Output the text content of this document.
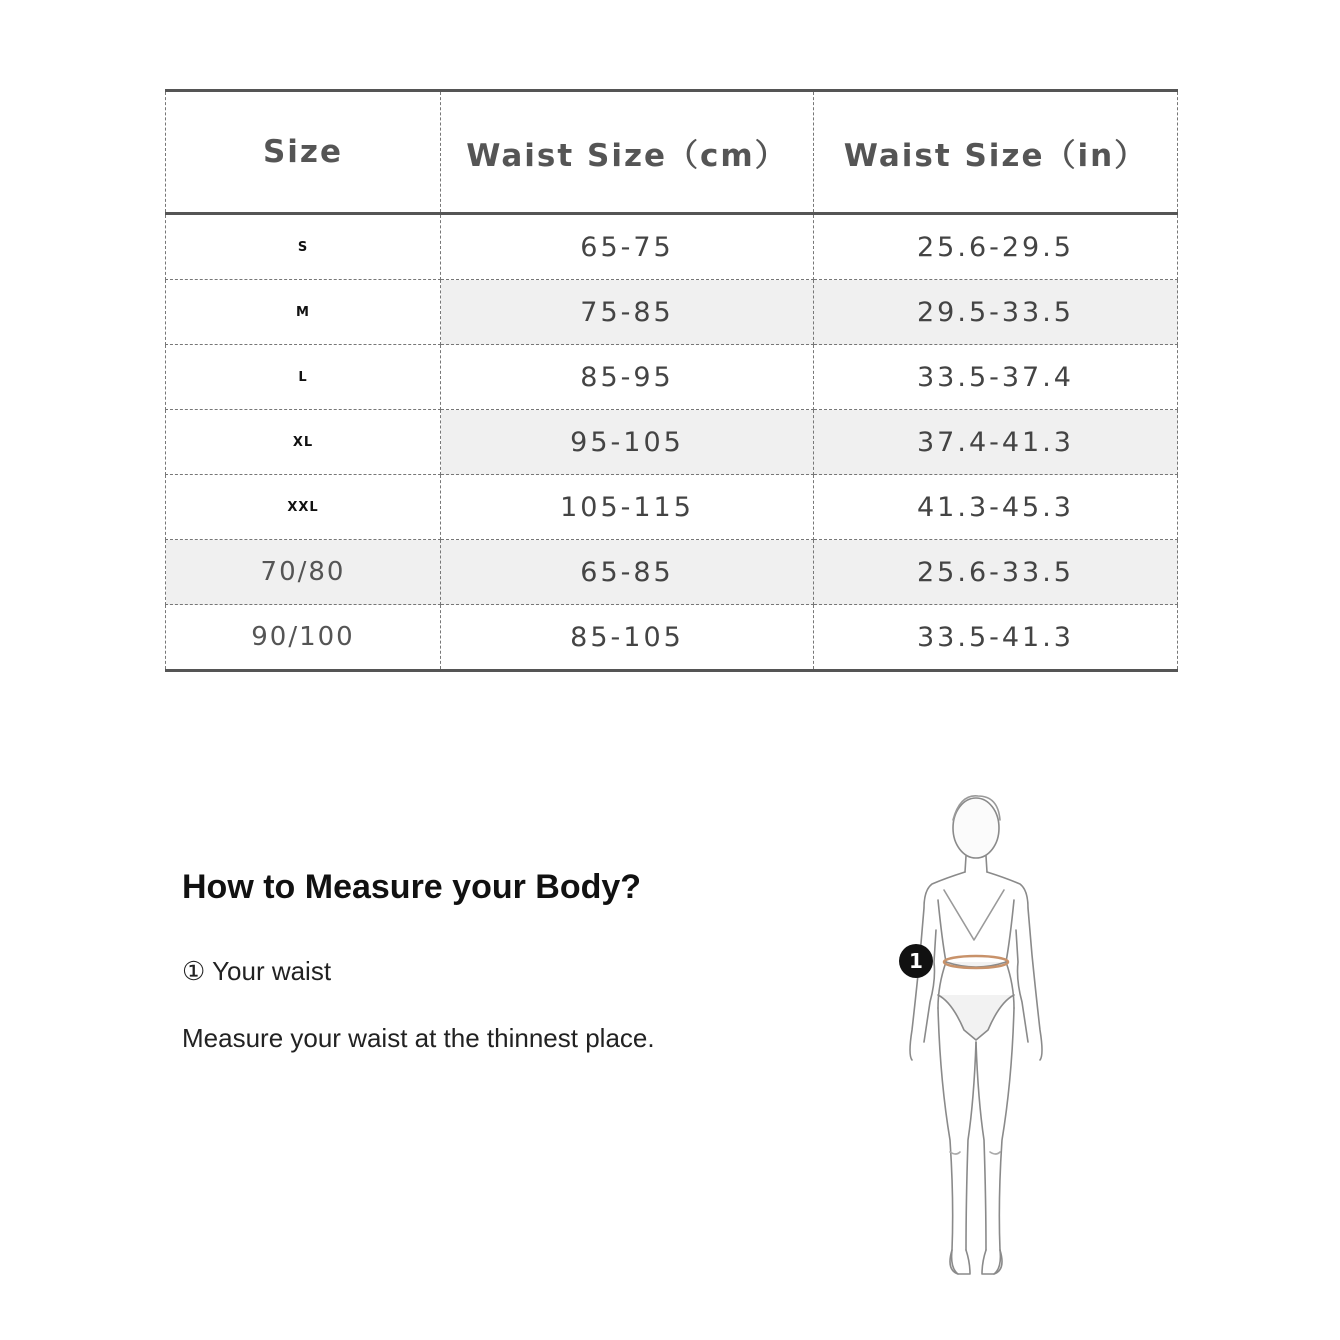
Size	Waist Size（cm）	Waist Size（in）
S	65-75	25.6-29.5
M	75-85	29.5-33.5
L	85-95	33.5-37.4
XL	95-105	37.4-41.3
XXL	105-115	41.3-45.3
70/80	65-85	25.6-33.5
90/100	85-105	33.5-41.3
How to Measure your Body?

① Your waist

Measure your waist at the thinnest place.

1
